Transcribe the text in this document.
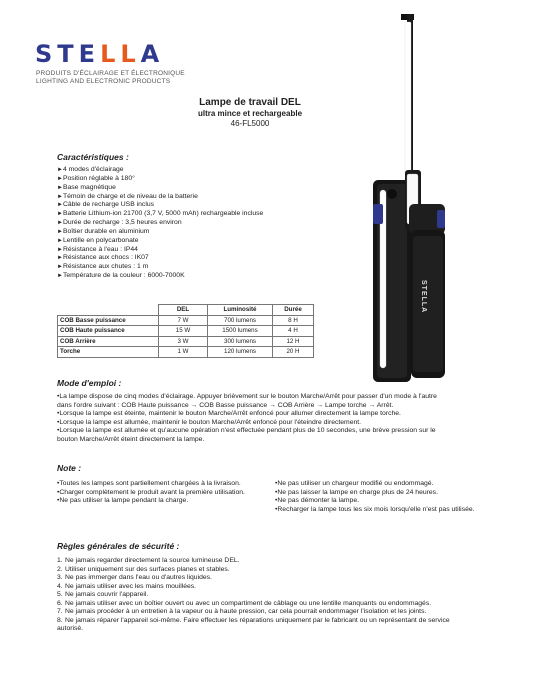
STELLA
PRODUITS D'ÉCLAIRAGE ET ÉLECTRONIQUE
LIGHTING AND ELECTRONIC PRODUCTS
Lampe de travail DEL
ultra mince et rechargeable
46-FL5000
STELLA
Caractéristiques :
► 4 modes d'éclairage
► Position réglable à 180°
► Base magnétique
► Témoin de charge et de niveau de la batterie
► Câble de recharge USB inclus
► Batterie Lithium-ion 21700 (3,7 V, 5000 mAh) rechargeable incluse
► Durée de recharge : 3,5 heures environ
► Boîtier durable en aluminium
► Lentille en polycarbonate
► Résistance à l'eau : IP44
► Résistance aux chocs : IK07
► Résistance aux chutes : 1 m
► Température de la couleur : 6000-7000K
	DEL	Luminosité	Durée
COB Basse puissance	7 W	700 lumens	8 H
COB Haute puissance	15 W	1500 lumens	4 H
COB Arrière	3 W	300 lumens	12 H
Torche	1 W	120 lumens	20 H
Mode d'emploi :
• La lampe dispose de cinq modes d'éclairage. Appuyer brièvement sur le bouton Marche/Arrêt pour passer d'un mode à l'autre dans l'ordre suivant : COB Haute puissance → COB Basse puissance → COB Arrière → Lampe torche → Arrêt.
• Lorsque la lampe est éteinte, maintenir le bouton Marche/Arrêt enfoncé pour allumer directement la lampe torche.
• Lorsque la lampe est allumée, maintenir le bouton Marche/Arrêt enfoncé pour l'éteindre directement.
• Lorsque la lampe est allumée et qu'aucune opération n'est effectuée pendant plus de 10 secondes, une brève pression sur le bouton Marche/Arrêt éteint directement la lampe.
Note :
• Toutes les lampes sont partiellement chargées à la livraison.
• Charger complètement le produit avant la première utilisation.
• Ne pas utiliser la lampe pendant la charge.
• Ne pas utiliser un chargeur modifié ou endommagé.
• Ne pas laisser la lampe en charge plus de 24 heures.
• Ne pas démonter la lampe.
• Recharger la lampe tous les six mois lorsqu'elle n'est pas utilisée.
Règles générales de sécurité :
1. Ne jamais regarder directement la source lumineuse DEL.
2. Utiliser uniquement sur des surfaces planes et stables.
3. Ne pas immerger dans l'eau ou d'autres liquides.
4. Ne jamais utiliser avec les mains mouillées.
5. Ne jamais couvrir l'appareil.
6. Ne jamais utiliser avec un boîtier ouvert ou avec un compartiment de câblage ou une lentille manquants ou endommagés.
7. Ne jamais procéder à un entretien à la vapeur ou à haute pression, car cela pourrait endommager l'isolation et les joints.
8. Ne jamais réparer l'appareil soi-même. Faire effectuer les réparations uniquement par le fabricant ou un représentant de service autorisé.
